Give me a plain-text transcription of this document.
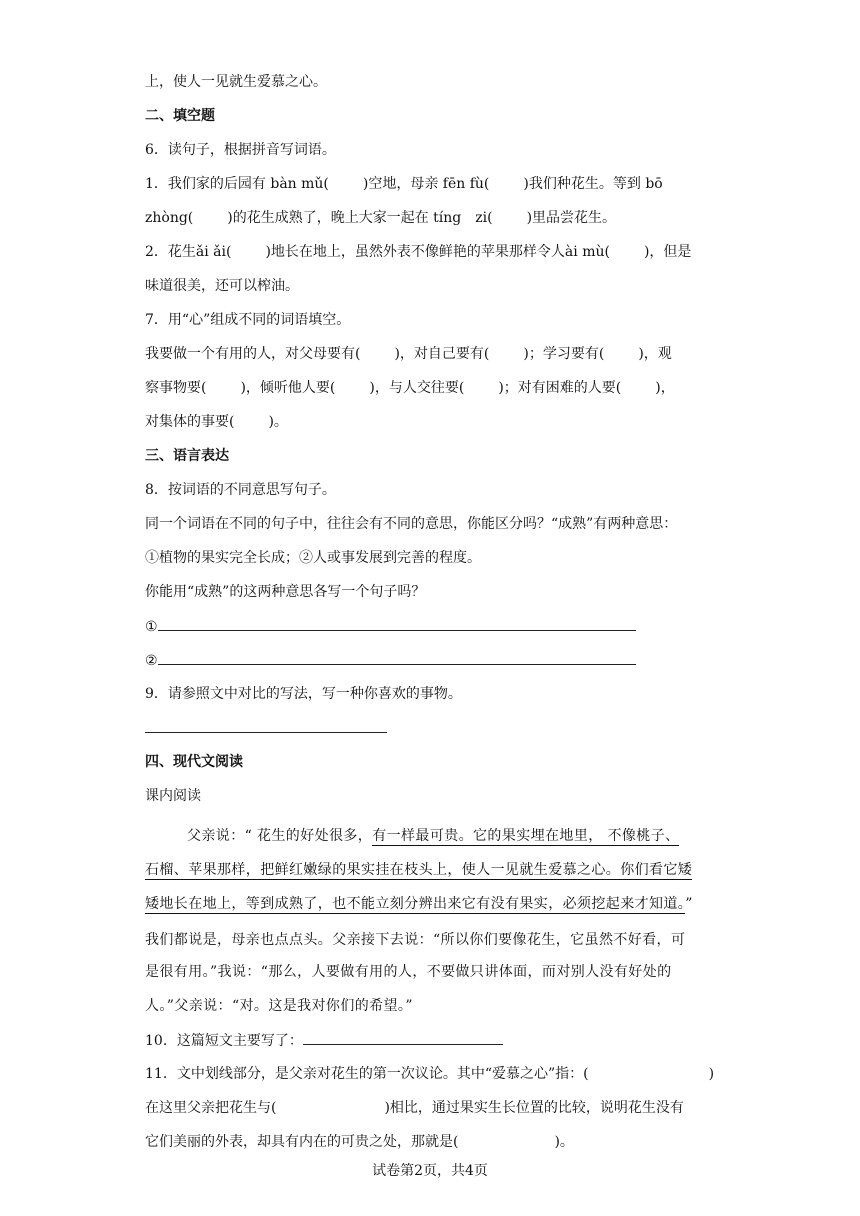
上，使人一见就生爱慕之心。
二、填空题
6．读句子，根据拼音写词语。
1．我们家的后园有 bàn mǔ( )空地，母亲 fēn fù( )我们种花生。等到 bō
zhòng( )的花生成熟了，晚上大家一起在 tíng　zi( )里品尝花生。
2．花生ǎi ǎi( )地长在地上，虽然外表不像鲜艳的苹果那样令人ài mù( )，但是
味道很美，还可以榨油。
7．用“心”组成不同的词语填空。
我要做一个有用的人，对父母要有( )，对自己要有( )；学习要有( )，观
察事物要( )，倾听他人要( )，与人交往要( )；对有困难的人要( )，
对集体的事要( )。
三、语言表达
8．按词语的不同意思写句子。
同一个词语在不同的句子中，往往会有不同的意思，你能区分吗？“成熟”有两种意思：
①植物的果实完全长成；②人或事发展到完善的程度。
你能用“成熟”的这两种意思各写一个句子吗？
①
②
9．请参照文中对比的写法，写一种你喜欢的事物。
四、现代文阅读
课内阅读
父亲说：“ 花生的好处很多，有一样最可贵。它的果实埋在地里， 不像桃子、
石榴、苹果那样，把鲜红嫩绿的果实挂在枝头上，使人一见就生爱慕之心。你们看它矮
矮地长在地上，等到成熟了，也不能立刻分辨出来它有没有果实，必须挖起来才知道。”
我们都说是，母亲也点点头。父亲接下去说：“所以你们要像花生，它虽然不好看，可
是很有用。”我说：“那么，人要做有用的人，不要做只讲体面，而对别人没有好处的
人。”父亲说：“对。这是我对你们的希望。”
10．这篇短文主要写了：
11．文中划线部分，是父亲对花生的第一次议论。其中“爱慕之心”指：(	)
在这里父亲把花生与(	)相比，通过果实生长位置的比较，说明花生没有
它们美丽的外表，却具有内在的可贵之处，那就是(	)。
试卷第2页，共4页
